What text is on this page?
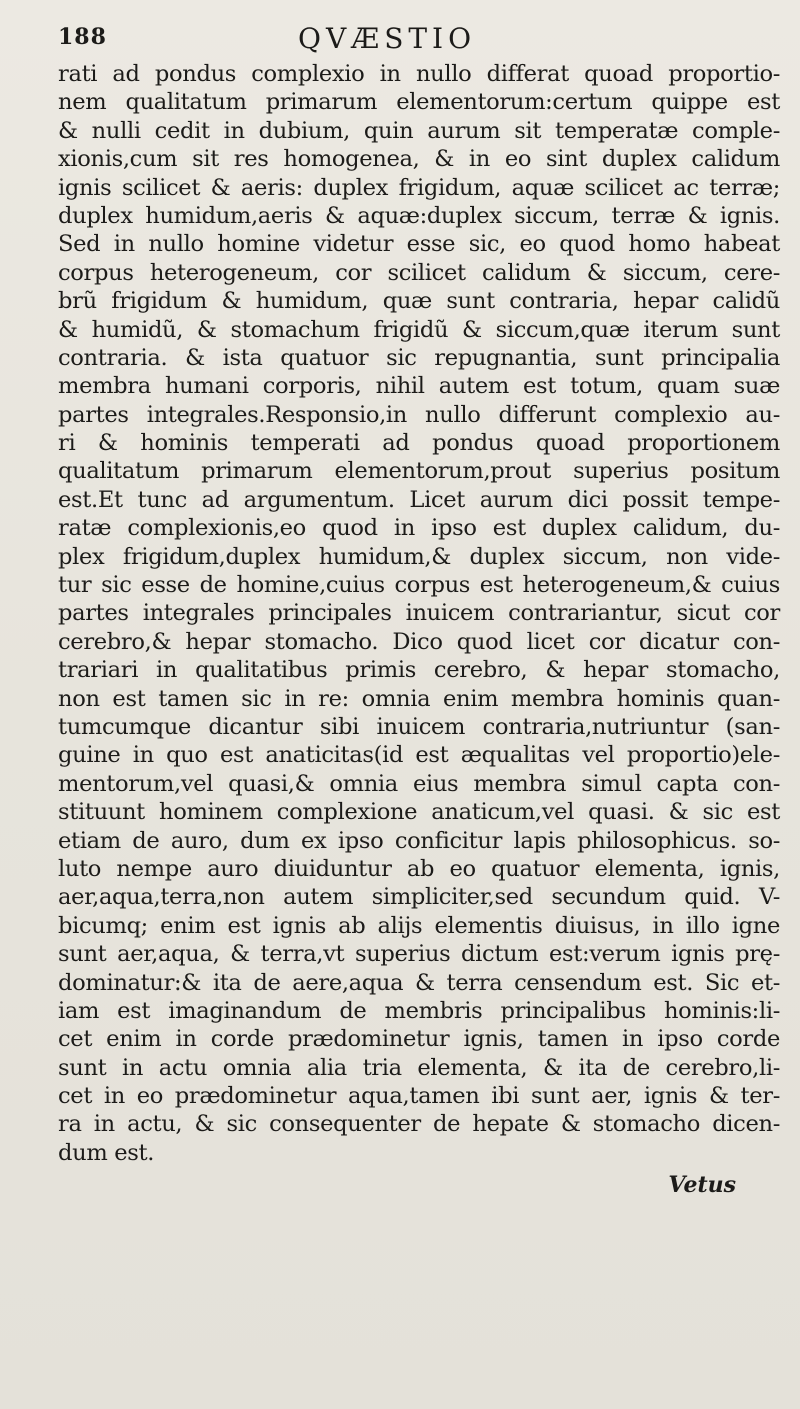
188	QVÆSTIO
rati ad pondus complexio in nullo differat quoad proportio-
nem qualitatum primarum elementorum:certum quippe est
& nulli cedit in dubium, quin aurum sit temperatæ comple-
xionis,cum sit res homogenea, & in eo sint duplex calidum
ignis scilicet & aeris: duplex frigidum, aquæ scilicet ac terræ;
duplex humidum,aeris & aquæ:duplex siccum, terræ & ignis.
Sed in nullo homine videtur esse sic, eo quod homo habeat
corpus heterogeneum, cor scilicet calidum & siccum, cere-
brũ frigidum & humidum, quæ sunt contraria, hepar calidũ
& humidũ, & stomachum frigidũ & siccum,quæ iterum sunt
contraria. & ista quatuor sic repugnantia, sunt principalia
membra humani corporis, nihil autem est totum, quam suæ
partes integrales.Responsio,in nullo differunt complexio au-
ri & hominis temperati ad pondus quoad proportionem
qualitatum primarum elementorum,prout superius positum
est.Et tunc ad argumentum. Licet aurum dici possit tempe-
ratæ complexionis,eo quod in ipso est duplex calidum, du-
plex frigidum,duplex humidum,& duplex siccum, non vide-
tur sic esse de homine,cuius corpus est heterogeneum,& cuius
partes integrales principales inuicem contrariantur, sicut cor
cerebro,& hepar stomacho. Dico quod licet cor dicatur con-
trariari in qualitatibus primis cerebro, & hepar stomacho,
non est tamen sic in re: omnia enim membra hominis quan-
tumcumque dicantur sibi inuicem contraria,nutriuntur (san-
guine in quo est anaticitas(id est æqualitas vel proportio)ele-
mentorum,vel quasi,& omnia eius membra simul capta con-
stituunt hominem complexione anaticum,vel quasi. & sic est
etiam de auro, dum ex ipso conficitur lapis philosophicus. so-
luto nempe auro diuiduntur ab eo quatuor elementa, ignis,
aer,aqua,terra,non autem simpliciter,sed secundum quid. V-
bicumq; enim est ignis ab alijs elementis diuisus, in illo igne
sunt aer,aqua, & terra,vt superius dictum est:verum ignis prę-
dominatur:& ita de aere,aqua & terra censendum est. Sic et-
iam est imaginandum de membris principalibus hominis:li-
cet enim in corde prædominetur ignis, tamen in ipso corde
sunt in actu omnia alia tria elementa, & ita de cerebro,li-
cet in eo prædominetur aqua,tamen ibi sunt aer, ignis & ter-
ra in actu, & sic consequenter de hepate & stomacho dicen-
dum est.
Vetus
